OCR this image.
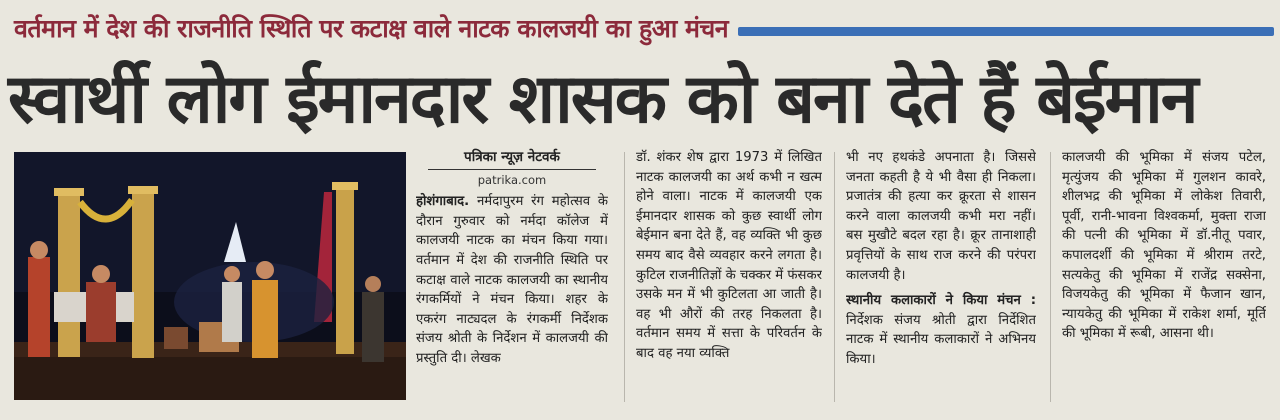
वर्तमान में देश की राजनीति स्थिति पर कटाक्ष वाले नाटक कालजयी का हुआ मंचन
स्वार्थी लोग ईमानदार शासक को बना देते हैं बेईमान
पत्रिका न्यूज़ नेटवर्क
patrika.com

होशंगाबाद. नर्मदापुरम रंग महोत्सव के दौरान गुरुवार को नर्मदा कॉलेज में कालजयी नाटक का मंचन किया गया। वर्तमान में देश की राजनीति स्थिति पर कटाक्ष वाले नाटक कालजयी का स्थानीय रंगकर्मियों ने मंचन किया। शहर के एकरंग नाट्यदल के रंगकर्मी निर्देशक संजय श्रोती के निर्देशन में कालजयी की प्रस्तुति दी। लेखक

डॉ. शंकर शेष द्वारा 1973 में लिखित नाटक कालजयी का अर्थ कभी न खत्म होने वाला। नाटक में कालजयी एक ईमानदार शासक को कुछ स्वार्थी लोग बेईमान बना देते हैं, वह व्यक्ति भी कुछ समय बाद वैसे व्यवहार करने लगता है। कुटिल राजनीतिज्ञों के चक्कर में फंसकर उसके मन में भी कुटिलता आ जाती है। वह भी औरों की तरह निकलता है। वर्तमान समय में सत्ता के परिवर्तन के बाद वह नया व्यक्ति

भी नए हथकंडे अपनाता है। जिससे जनता कहती है ये भी वैसा ही निकला। प्रजातंत्र की हत्या कर क्रूरता से शासन करने वाला कालजयी कभी मरा नहीं। बस मुखौटे बदल रहा है। क्रूर तानाशाही प्रवृत्तियों के साथ राज करने की परंपरा कालजयी है।

स्थानीय कलाकारों ने किया मंचन : निर्देशक संजय श्रोती द्वारा निर्देशित नाटक में स्थानीय कलाकारों ने अभिनय किया।

कालजयी की भूमिका में संजय पटेल, मृत्युंजय की भूमिका में गुलशन कावरे, शीलभद्र की भूमिका में लोकेश तिवारी, पूर्वी, रानी-भावना विश्वकर्मा, मुक्ता राजा की पत्नी की भूमिका में डॉ.नीतू पवार, कपालदर्शी की भूमिका में श्रीराम तरटे, सत्यकेतु की भूमिका में राजेंद्र सक्सेना, विजयकेतु की भूमिका में फैजान खान, न्यायकेतु की भूमिका में राकेश शर्मा, मूर्ति की भूमिका में रूबी, आसना थी।
